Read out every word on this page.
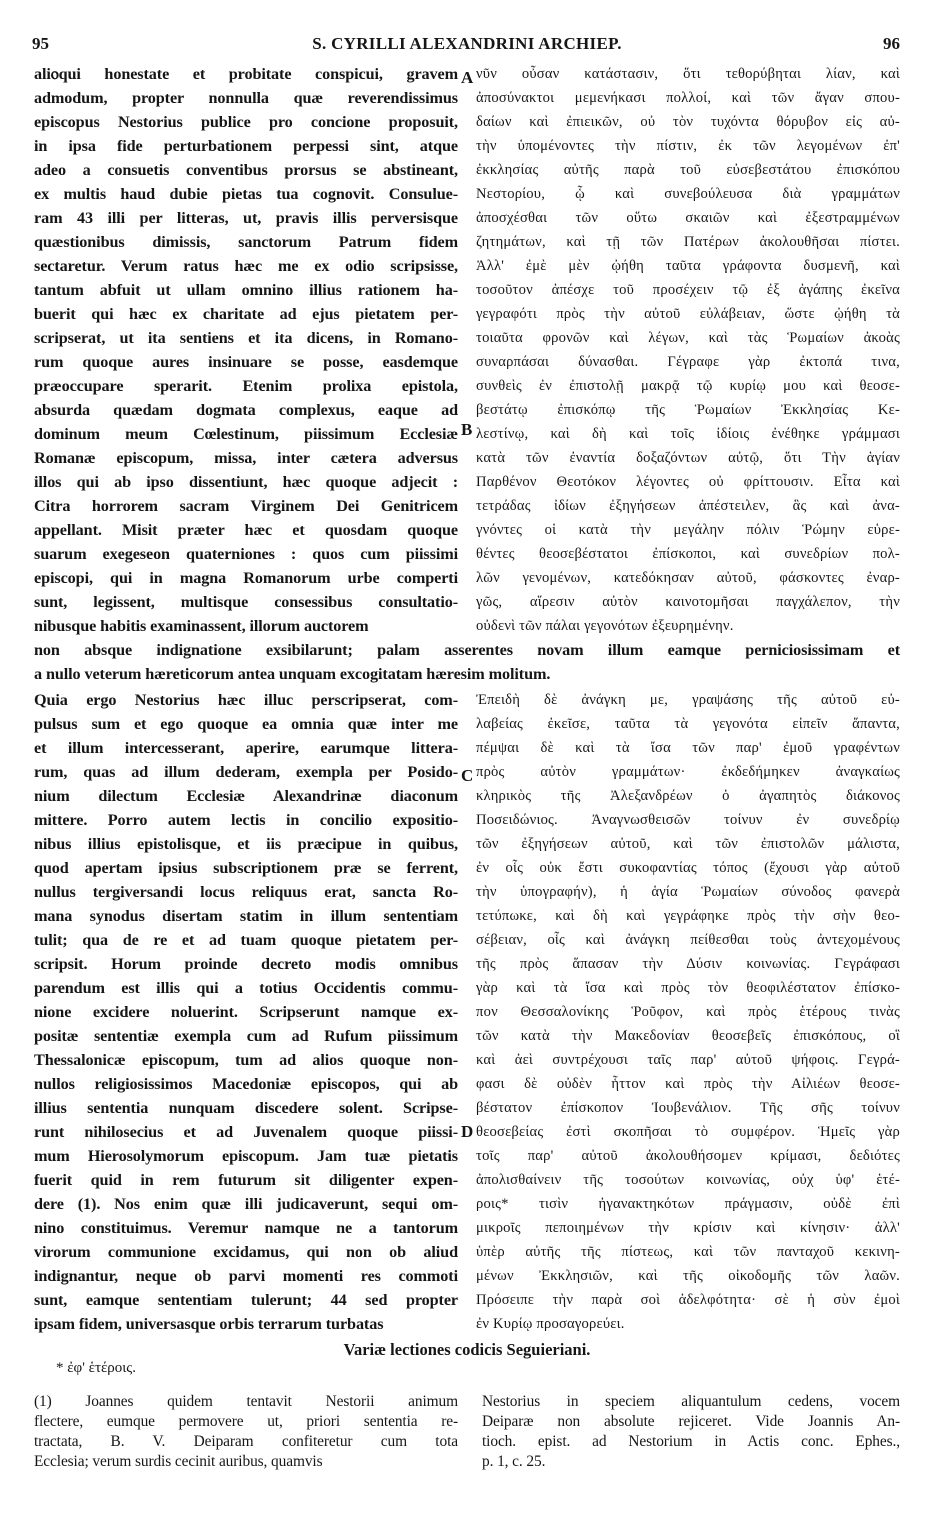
95	S. CYRILLI ALEXANDRINI ARCHIEP.	96
aliⲟqui honestate et probitate conspicui, gravem
admodum, propter nonnulla quæ reverendissimus
episcopus Nestorius publice pro concione proposuit,
in ipsa fide perturbationem perpessi sint, atque
adeo a consuetis conventibus prorsus se abstineant,
ex multis haud dubie pietas tua cognovit. Consulue-
ram 43 illi per litteras, ut, pravis illis perversisque
quæstionibus dimissis, sanctorum Patrum fidem
sectaretur. Verum ratus hæc me ex odio scripsisse,
tantum abfuit ut ullam omnino illius rationem ha-
buerit qui hæc ex charitate ad ejus pietatem per-
scripserat, ut ita sentiens et ita dicens, in Romano-
rum quoque aures insinuare se posse, easdemque
præoccupare sperarit. Etenim prolixa epistola,
absurda quædam dogmata complexus, eaque ad
dominum meum Cœlestinum, piissimum Ecclesiæ
Romanæ episcopum, missa, inter cætera adversus
illos qui ab ipso dissentiunt, hæc quoque adjecit :
Citra horrorem sacram Virginem Dei Genitricem
appellant. Misit præter hæc et quosdam quoque
suarum exegeseon quaterniones : quos cum piissimi
episcopi, qui in magna Romanorum urbe comperti
sunt, legissent, multisque consessibus consultatio-
nibusque habitis examinassent, illorum auctorem
νῦν οὖσαν κατάστασιν, ὅτι τεθορύβηται λίαν, καὶ
ἀποσύνακτοι μεμενήκασι πολλοί, καὶ τῶν ἄγαν σπου-
δαίων καὶ ἐπιεικῶν, οὐ τὸν τυχόντα θόρυβον εἰς αὐ-
τὴν ὑπομένοντες τὴν πίστιν, ἐκ τῶν λεγομένων ἐπ'
ἐκκλησίας αὐτῆς παρὰ τοῦ εὐσεβεστάτου ἐπισκόπου
Νεστορίου, ᾧ καὶ συνεβούλευσα διὰ γραμμάτων
ἀποσχέσθαι τῶν οὕτω σκαιῶν καὶ ἐξεστραμμένων
ζητημάτων, καὶ τῇ τῶν Πατέρων ἀκολουθῆσαι πίστει.
Ἀλλ' ἐμὲ μὲν ᾠήθη ταῦτα γράφοντα δυσμενῆ, καὶ
τοσοῦτον ἀπέσχε τοῦ προσέχειν τῷ ἐξ ἀγάπης ἐκεῖνα
γεγραφότι πρὸς τὴν αὐτοῦ εὐλάβειαν, ὥστε ᾠήθη τὰ
τοιαῦτα φρονῶν καὶ λέγων, καὶ τὰς Ῥωμαίων ἀκοὰς
συναρπάσαι δύνασθαι. Γέγραφε γὰρ ἐκτοπά τινα,
συνθεὶς ἐν ἐπιστολῇ μακρᾷ τῷ κυρίῳ μου καὶ θεοσε-
βεστάτῳ ἐπισκόπῳ τῆς Ῥωμαίων Ἐκκλησίας Κε-
λεστίνῳ, καὶ δὴ καὶ τοῖς ἰδίοις ἐνέθηκε γράμμασι
κατὰ τῶν ἐναντία δοξαζόντων αὐτῷ, ὅτι Τὴν ἁγίαν
Παρθένον Θεοτόκον λέγοντες οὐ φρίττουσιν. Εἶτα καὶ
τετράδας ἰδίων ἐξηγήσεων ἀπέστειλεν, ἃς καὶ ἀνα-
γνόντες οἱ κατὰ τὴν μεγάλην πόλιν Ῥώμην εὑρε-
θέντες θεοσεβέστατοι ἐπίσκοποι, καὶ συνεδρίων πολ-
λῶν γενομένων, κατεδόκησαν αὐτοῦ, φάσκοντες ἐναρ-
γῶς, αἵρεσιν αὐτὸν καινοτομῆσαι παγχάλεπον, τὴν
οὐδενὶ τῶν πάλαι γεγονότων ἐξευρημένην.
A
B
non absque indignatione exsibilarunt; palam asserentes novam illum eamque perniciosissimam et
a nullo veterum hæreticorum antea unquam excogitatam hæresim molitum.
Quia ergo Nestorius hæc illuc perscripserat, com-
pulsus sum et ego quoque ea omnia quæ inter me
et illum intercesserant, aperire, earumque littera-
rum, quas ad illum dederam, exempla per Posido-
nium dilectum Ecclesiæ Alexandrinæ diaconum
mittere. Porro autem lectis in concilio expositio-
nibus illius epistolisque, et iis præcipue in quibus,
quod apertam ipsius subscriptionem præ se ferrent,
nullus tergiversandi locus reliquus erat, sancta Ro-
mana synodus disertam statim in illum sententiam
tulit; qua de re et ad tuam quoque pietatem per-
scripsit. Horum proinde decreto modis omnibus
parendum est illis qui a totius Occidentis commu-
nione excidere noluerint. Scripserunt namque ex-
positæ sententiæ exempla cum ad Rufum piissimum
Thessalonicæ episcopum, tum ad alios quoque non-
nullos religiosissimos Macedoniæ episcopos, qui ab
illius sententia nunquam discedere solent. Scripse-
runt nihilosecius et ad Juvenalem quoque piissi-
mum Hierosolymorum episcopum. Jam tuæ pietatis
fuerit quid in rem futurum sit diligenter expen-
dere (1). Nos enim quæ illi judicaverunt, sequi om-
nino constituimus. Veremur namque ne a tantorum
virorum communione excidamus, qui non ob aliud
indignantur, neque ob parvi momenti res commoti
sunt, eamque sententiam tulerunt; 44 sed propter
ipsam fidem, universasque orbis terrarum turbatas
Ἐπειδὴ δὲ ἀνάγκη με, γραψάσης τῆς αὐτοῦ εὐ-
λαβείας ἐκεῖσε, ταῦτα τὰ γεγονότα εἰπεῖν ἅπαντα,
πέμψαι δὲ καὶ τὰ ἴσα τῶν παρ' ἐμοῦ γραφέντων
πρὸς αὐτὸν γραμμάτων· ἐκδεδήμηκεν ἀναγκαίως
κληρικὸς τῆς Ἀλεξανδρέων ὁ ἀγαπητὸς διάκονος
Ποσειδώνιος. Ἀναγνωσθεισῶν τοίνυν ἐν συνεδρίῳ
τῶν ἐξηγήσεων αὐτοῦ, καὶ τῶν ἐπιστολῶν μάλιστα,
ἐν οἷς οὐκ ἔστι συκοφαντίας τόπος (ἔχουσι γὰρ αὐτοῦ
τὴν ὑπογραφήν), ἡ ἁγία Ῥωμαίων σύνοδος φανερὰ
τετύπωκε, καὶ δὴ καὶ γεγράφηκε πρὸς τὴν σὴν θεο-
σέβειαν, οἷς καὶ ἀνάγκη πείθεσθαι τοὺς ἀντεχομένους
τῆς πρὸς ἅπασαν τὴν Δύσιν κοινωνίας. Γεγράφασι
γὰρ καὶ τὰ ἴσα καὶ πρὸς τὸν θεοφιλέστατον ἐπίσκο-
πον Θεσσαλονίκης Ῥοῦφον, καὶ πρὸς ἑτέρους τινὰς
τῶν κατὰ τὴν Μακεδονίαν θεοσεβεῖς ἐπισκόπους, οἳ
καὶ ἀεὶ συντρέχουσι ταῖς παρ' αὐτοῦ ψήφοις. Γεγρά-
φασι δὲ οὐδὲν ἧττον καὶ πρὸς τὴν Αἰλιέων θεοσε-
βέστατον ἐπίσκοπον Ἰουβενάλιον. Τῆς σῆς τοίνυν
θεοσεβείας ἐστὶ σκοπῆσαι τὸ συμφέρον. Ἡμεῖς γὰρ
τοῖς παρ' αὐτοῦ ἀκολουθήσομεν κρίμασι, δεδιότες
ἀπολισθαίνειν τῆς τοσούτων κοινωνίας, οὐχ ὑφ' ἑτέ-
ροις* τισὶν ἠγανακτηκότων πράγμασιν, οὐδὲ ἐπὶ
μικροῖς πεποιημένων τὴν κρίσιν καὶ κίνησιν· ἀλλ'
ὑπὲρ αὐτῆς τῆς πίστεως, καὶ τῶν πανταχοῦ κεκινη-
μένων Ἐκκλησιῶν, καὶ τῆς οἰκοδομῆς τῶν λαῶν.
Πρόσειπε τὴν παρὰ σοὶ ἀδελφότητα· σὲ ἡ σὺν ἐμοὶ
ἐν Κυρίῳ προσαγορεύει.
C
D
Variæ lectiones codicis Seguieriani.
* ἐφ' ἑτέροις.
(1) Joannes quidem tentavit Nestorii animum
flectere, eumque permovere ut, priori sententia re-
tractata, B. V. Deiparam confiteretur cum tota
Ecclesia; verum surdis cecinit auribus, quamvis
Nestorius in speciem aliquantulum cedens, vocem
Deiparæ non absolute rejiceret. Vide Joannis An-
tioch. epist. ad Nestorium in Actis conc. Ephes.,
p. 1, c. 25.
